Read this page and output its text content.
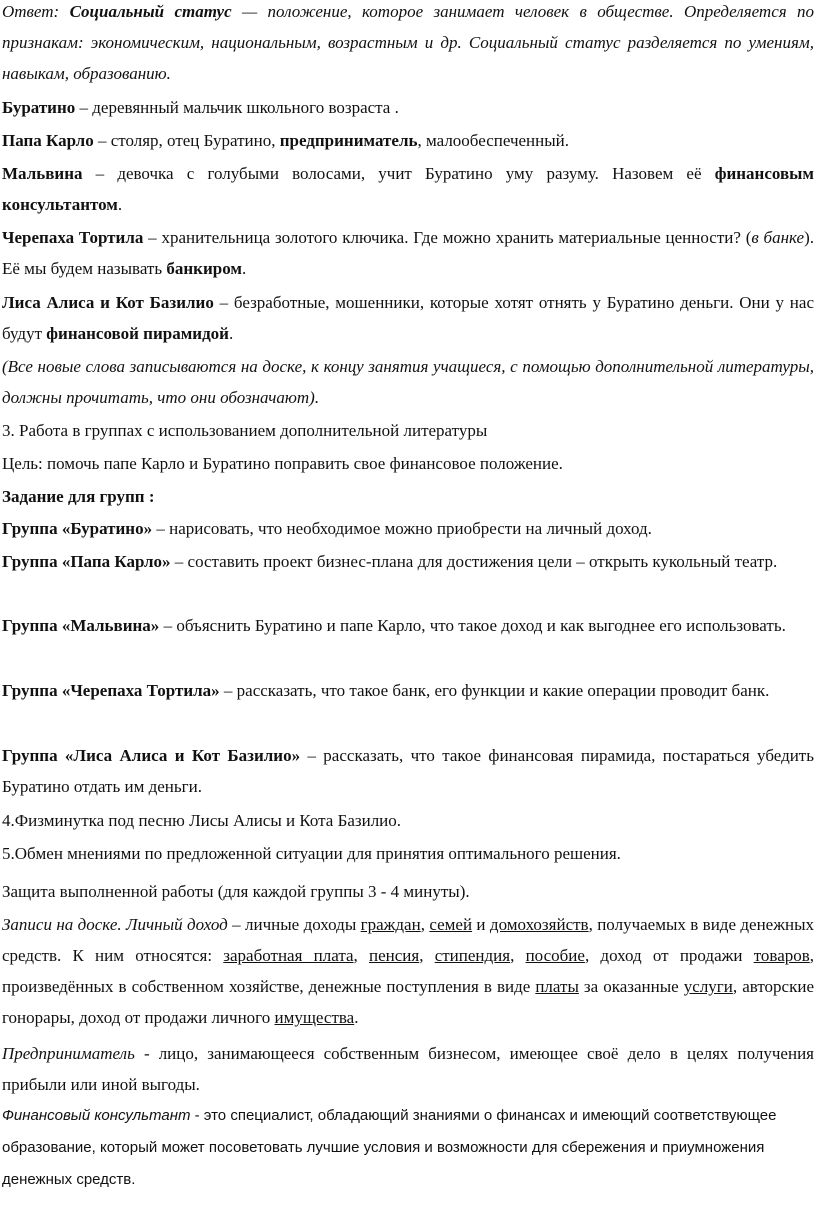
Ответ: Социальный статус — положение, которое занимает человек в обществе. Определяется по признакам: экономическим, национальным, возрастным и др. Социальный статус разделяется по умениям, навыкам, образованию.

Буратино – деревянный мальчик школьного возраста .

Папа Карло – столяр, отец Буратино, предприниматель, малообеспеченный.

Мальвина – девочка с голубыми волосами, учит Буратино уму разуму. Назовем её финансовым консультантом.

Черепаха Тортила – хранительница золотого ключика. Где можно хранить материальные ценности? (в банке). Её мы будем называть банкиром.

Лиса Алиса и Кот Базилио – безработные, мошенники, которые хотят отнять у Буратино деньги. Они у нас будут финансовой пирамидой.

(Все новые слова записываются на доске, к концу занятия учащиеся, с помощью дополнительной литературы, должны прочитать, что они обозначают).

3. Работа в группах с использованием дополнительной литературы

Цель: помочь папе Карло и Буратино поправить свое финансовое положение.

Задание для групп :

Группа «Буратино» – нарисовать, что необходимое можно приобрести на личный доход.

Группа «Папа Карло» – составить проект бизнес-плана для достижения цели – открыть кукольный театр.

Группа «Мальвина» – объяснить Буратино и папе Карло, что такое доход и как выгоднее его использовать.

Группа «Черепаха Тортила» – рассказать, что такое банк, его функции и какие операции проводит банк.

Группа «Лиса Алиса и Кот Базилио» – рассказать, что такое финансовая пирамида, постараться убедить Буратино отдать им деньги.

4.Физминутка под песню Лисы Алисы и Кота Базилио.

5.Обмен мнениями по предложенной ситуации для принятия оптимального решения.

Защита выполненной работы (для каждой группы 3 - 4 минуты).

Записи на доске. Личный доход – личные доходы граждан, семей и домохозяйств, получаемых в виде денежных средств. К ним относятся: заработная плата, пенсия, стипендия, пособие, доход от продажи товаров, произведённых в собственном хозяйстве, денежные поступления в виде платы за оказанные услуги, авторские гонорары, доход от продажи личного имущества.

Предприниматель - лицо, занимающееся собственным бизнесом, имеющее своё дело в целях получения прибыли или иной выгоды.

Финансовый консультант - это специалист, обладающий знаниями о финансах и имеющий соответствующее образование, который может посоветовать лучшие условия и возможности для сбережения и приумножения денежных средств.
